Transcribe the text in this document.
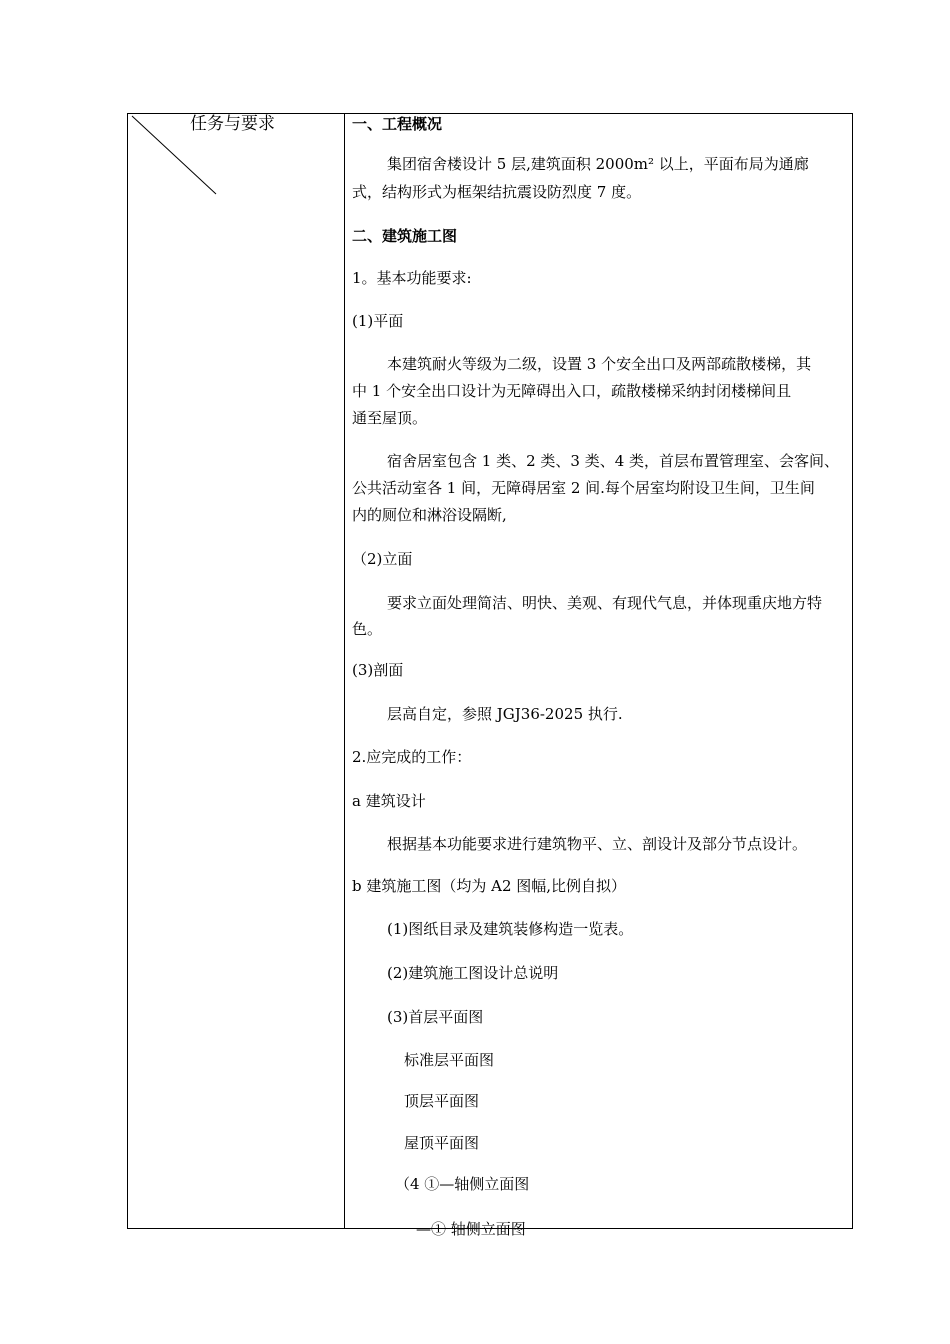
任务与要求	一、工程概况
集团宿舍楼设计 5 层,建筑面积 2000m² 以上，平面布局为通廊
式，结构形式为框架结抗震设防烈度 7 度。
二、建筑施工图
1。基本功能要求:
(1)平面
本建筑耐火等级为二级，设置 3 个安全出口及两部疏散楼梯，其
中 1 个安全出口设计为无障碍出入口，疏散楼梯采纳封闭楼梯间且
通至屋顶。
宿舍居室包含 1 类、2 类、3 类、4 类，首层布置管理室、会客间、
公共活动室各 1 间，无障碍居室 2 间.每个居室均附设卫生间，卫生间
内的厕位和淋浴设隔断,
（2)立面
要求立面处理简洁、明快、美观、有现代气息，并体现重庆地方特
色。
(3)剖面
层高自定，参照 JGJ36-2025 执行.
2.应完成的工作：
a 建筑设计
根据基本功能要求进行建筑物平、立、剖设计及部分节点设计。
b 建筑施工图（均为 A2 图幅,比例自拟）
(1)图纸目录及建筑装修构造一览表。
(2)建筑施工图设计总说明
(3)首层平面图
标准层平面图
顶层平面图
屋顶平面图
（4 ①—轴侧立面图
—① 轴侧立面图
